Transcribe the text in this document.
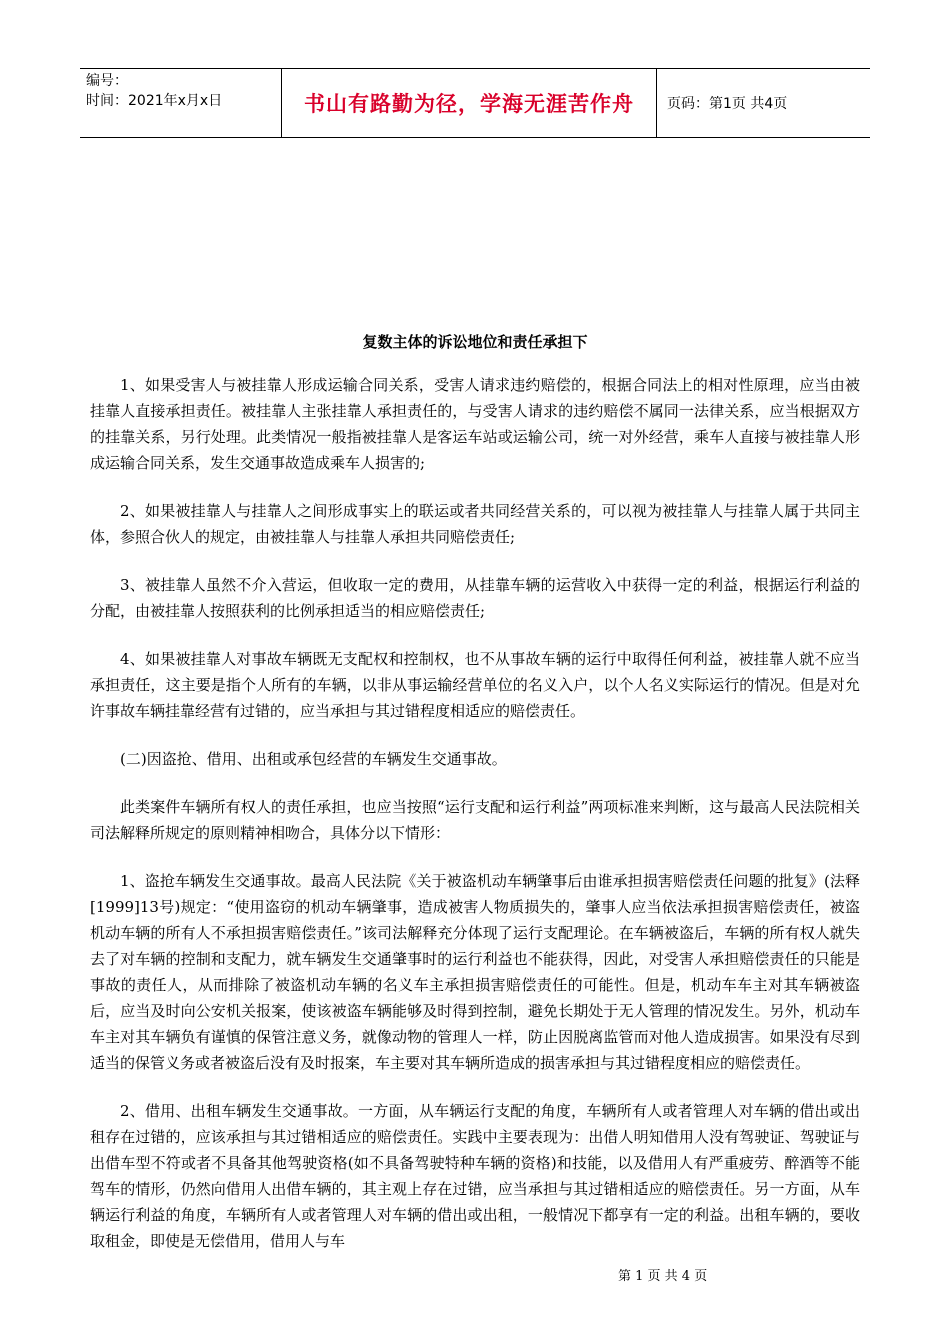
编号：
时间：2021年x月x日	书山有路勤为径，学海无涯苦作舟	页码：第1页 共4页
复数主体的诉讼地位和责任承担下

1、如果受害人与被挂靠人形成运输合同关系，受害人请求违约赔偿的，根据合同法上的相对性原理，应当由被挂靠人直接承担责任。被挂靠人主张挂靠人承担责任的，与受害人请求的违约赔偿不属同一法律关系，应当根据双方的挂靠关系，另行处理。此类情况一般指被挂靠人是客运车站或运输公司，统一对外经营，乘车人直接与被挂靠人形成运输合同关系，发生交通事故造成乘车人损害的;

2、如果被挂靠人与挂靠人之间形成事实上的联运或者共同经营关系的，可以视为被挂靠人与挂靠人属于共同主体，参照合伙人的规定，由被挂靠人与挂靠人承担共同赔偿责任;

3、被挂靠人虽然不介入营运，但收取一定的费用，从挂靠车辆的运营收入中获得一定的利益，根据运行利益的分配，由被挂靠人按照获利的比例承担适当的相应赔偿责任;

4、如果被挂靠人对事故车辆既无支配权和控制权，也不从事故车辆的运行中取得任何利益，被挂靠人就不应当承担责任，这主要是指个人所有的车辆，以非从事运输经营单位的名义入户，以个人名义实际运行的情况。但是对允许事故车辆挂靠经营有过错的，应当承担与其过错程度相适应的赔偿责任。

(二)因盗抢、借用、出租或承包经营的车辆发生交通事故。

此类案件车辆所有权人的责任承担，也应当按照“运行支配和运行利益”两项标准来判断，这与最高人民法院相关司法解释所规定的原则精神相吻合，具体分以下情形：

1、盗抢车辆发生交通事故。最高人民法院《关于被盗机动车辆肇事后由谁承担损害赔偿责任问题的批复》(法释[1999]13号)规定：“使用盗窃的机动车辆肇事，造成被害人物质损失的，肇事人应当依法承担损害赔偿责任，被盗机动车辆的所有人不承担损害赔偿责任。”该司法解释充分体现了运行支配理论。在车辆被盗后，车辆的所有权人就失去了对车辆的控制和支配力，就车辆发生交通肇事时的运行利益也不能获得，因此，对受害人承担赔偿责任的只能是事故的责任人，从而排除了被盗机动车辆的名义车主承担损害赔偿责任的可能性。但是，机动车车主对其车辆被盗后，应当及时向公安机关报案，使该被盗车辆能够及时得到控制，避免长期处于无人管理的情况发生。另外，机动车车主对其车辆负有谨慎的保管注意义务，就像动物的管理人一样，防止因脱离监管而对他人造成损害。如果没有尽到适当的保管义务或者被盗后没有及时报案，车主要对其车辆所造成的损害承担与其过错程度相应的赔偿责任。

2、借用、出租车辆发生交通事故。一方面，从车辆运行支配的角度，车辆所有人或者管理人对车辆的借出或出租存在过错的，应该承担与其过错相适应的赔偿责任。实践中主要表现为：出借人明知借用人没有驾驶证、驾驶证与出借车型不符或者不具备其他驾驶资格(如不具备驾驶特种车辆的资格)和技能，以及借用人有严重疲劳、醉酒等不能驾车的情形，仍然向借用人出借车辆的，其主观上存在过错，应当承担与其过错相适应的赔偿责任。另一方面，从车辆运行利益的角度，车辆所有人或者管理人对车辆的借出或出租，一般情况下都享有一定的利益。出租车辆的，要收取租金，即使是无偿借用，借用人与车

第 1 页 共 4 页
